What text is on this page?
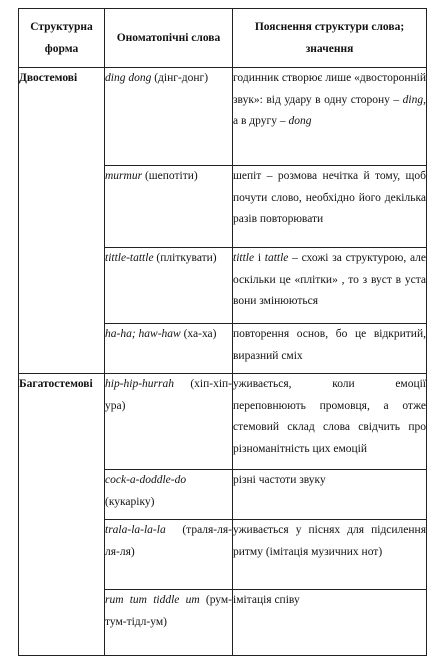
Структурна форма	Ономатопічні слова	Пояснення структури слова; значення
Двостемові	ding dong (дінг-донг)	годинник створює лише «двосторонній звук»: від удару в одну сторону – ding, а в другу – dong
	murmur (шепотіти)	шепіт – розмова нечітка й тому, щоб почути слово, необхідно його декілька разів повторювати
	tittle-tattle (пліткувати)	tittle і tattle – схожі за структурою, але оскільки це «плітки» , то з вуст в уста вони змінюються
	ha-ha; haw-haw (ха-ха)	повторення основ, бо це відкритий, виразний сміх
Багатостемові	hip-hip-hurrah (хіп-хіп-ура)	уживається, коли емоції переповнюють промовця, а отже стемовий склад слова свідчить про різноманітність цих емоцій
	cock-a-doddle-do (кукаріку)	різні частоти звуку
	trala-la-la-la (траля-ля-ля-ля)	уживається у піснях для підсилення ритму (імітація музичних нот)
	rum tum tiddle um (рум-тум-тідл-ум)	імітація співу
